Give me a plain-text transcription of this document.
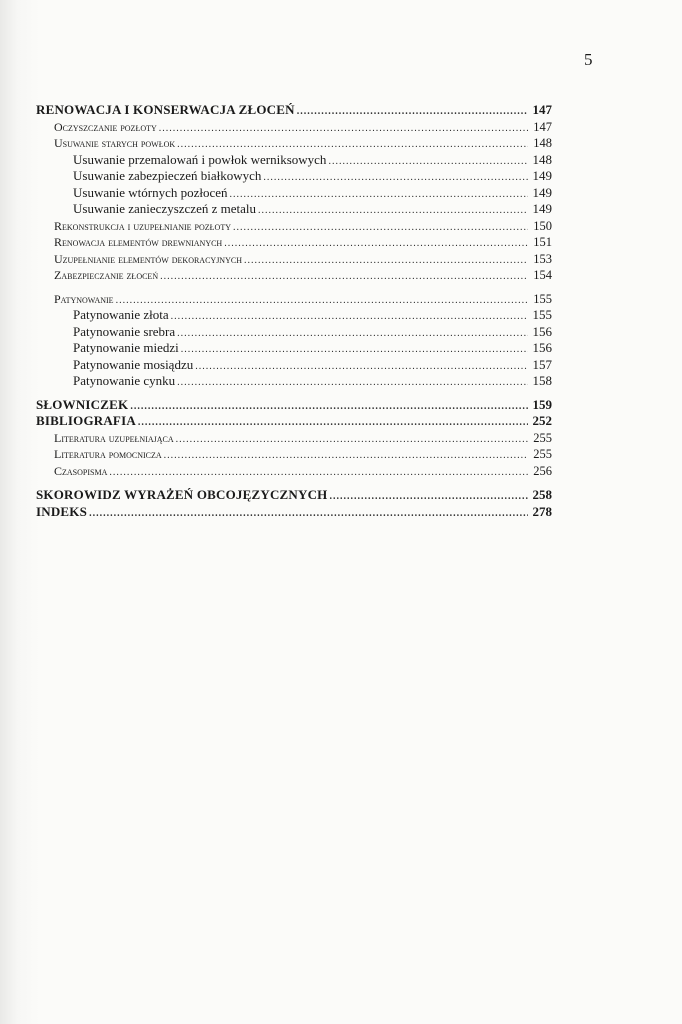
5
RENOWACJA I KONSERWACJA ZŁOCEŃ .....	147
Oczyszczanie pozłoty .....	147
Usuwanie starych powłok .....	148
Usuwanie przemalowań i powłok werniksowych .....	148
Usuwanie zabezpieczeń białkowych .....	149
Usuwanie wtórnych pozłoceń .....	149
Usuwanie zanieczyszczeń z metalu .....	149
Rekonstrukcja i uzupełnianie pozłoty .....	150
Renowacja elementów drewnianych .....	151
Uzupełnianie elementów dekoracyjnych .....	153
Zabezpieczanie złoceń .....	154
Patynowanie .....	155
Patynowanie złota .....	155
Patynowanie srebra .....	156
Patynowanie miedzi .....	156
Patynowanie mosiądzu .....	157
Patynowanie cynku .....	158
SŁOWNICZEK .....	159
BIBLIOGRAFIA .....	252
Literatura uzupełniająca .....	255
Literatura pomocnicza .....	255
Czasopisma .....	256
SKOROWIDZ WYRAŻEŃ OBCOJĘZYCZNYCH .....	258
INDEKS .....	278
